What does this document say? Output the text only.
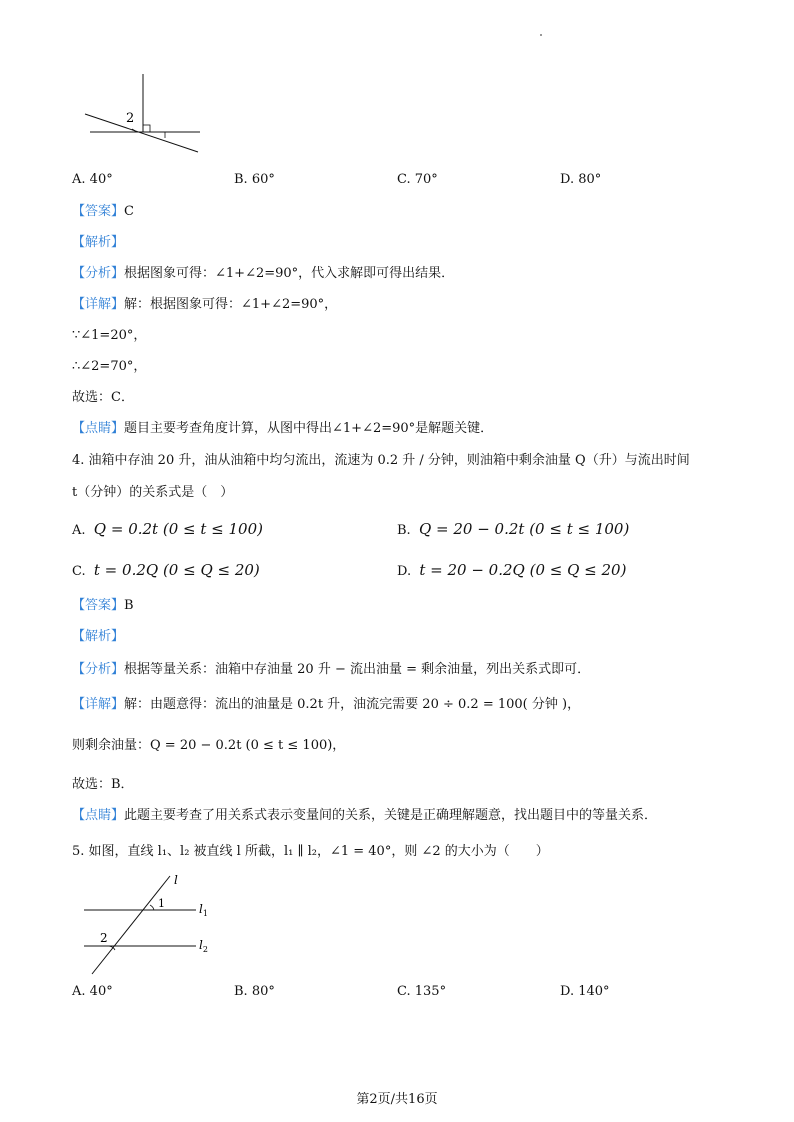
2
A. 40°	B. 60°	C. 70°	D. 80°
【答案】C
【解析】
【分析】根据图象可得：∠1+∠2=90°，代入求解即可得出结果．
【详解】解：根据图象可得：∠1+∠2=90°，
∵∠1=20°，
∴∠2=70°，
故选：C．
【点睛】题目主要考查角度计算，从图中得出∠1+∠2=90°是解题关键．
4. 油箱中存油 20 升，油从油箱中均匀流出，流速为 0.2 升 / 分钟，则油箱中剩余油量 Q（升）与流出时间
t（分钟）的关系式是（　）
A. Q = 0.2t (0 ≤ t ≤ 100)	B. Q = 20 − 0.2t (0 ≤ t ≤ 100)
C. t = 0.2Q (0 ≤ Q ≤ 20)	D. t = 20 − 0.2Q (0 ≤ Q ≤ 20)
【答案】B
【解析】
【分析】根据等量关系：油箱中存油量 20 升 − 流出油量 = 剩余油量，列出关系式即可．
【详解】解：由题意得：流出的油量是 0.2t 升，油流完需要 20 ÷ 0.2 = 100( 分钟 )，
则剩余油量：Q = 20 − 0.2t (0 ≤ t ≤ 100)，
故选：B．
【点睛】此题主要考查了用关系式表示变量间的关系，关键是正确理解题意，找出题目中的等量关系．
5. 如图，直线 l₁、l₂ 被直线 l 所截，l₁ ∥ l₂，∠1 = 40°，则 ∠2 的大小为（　　）
l
1
2
$l_1$
$l_2$
A. 40°	B. 80°	C. 135°	D. 140°
第2页/共16页
